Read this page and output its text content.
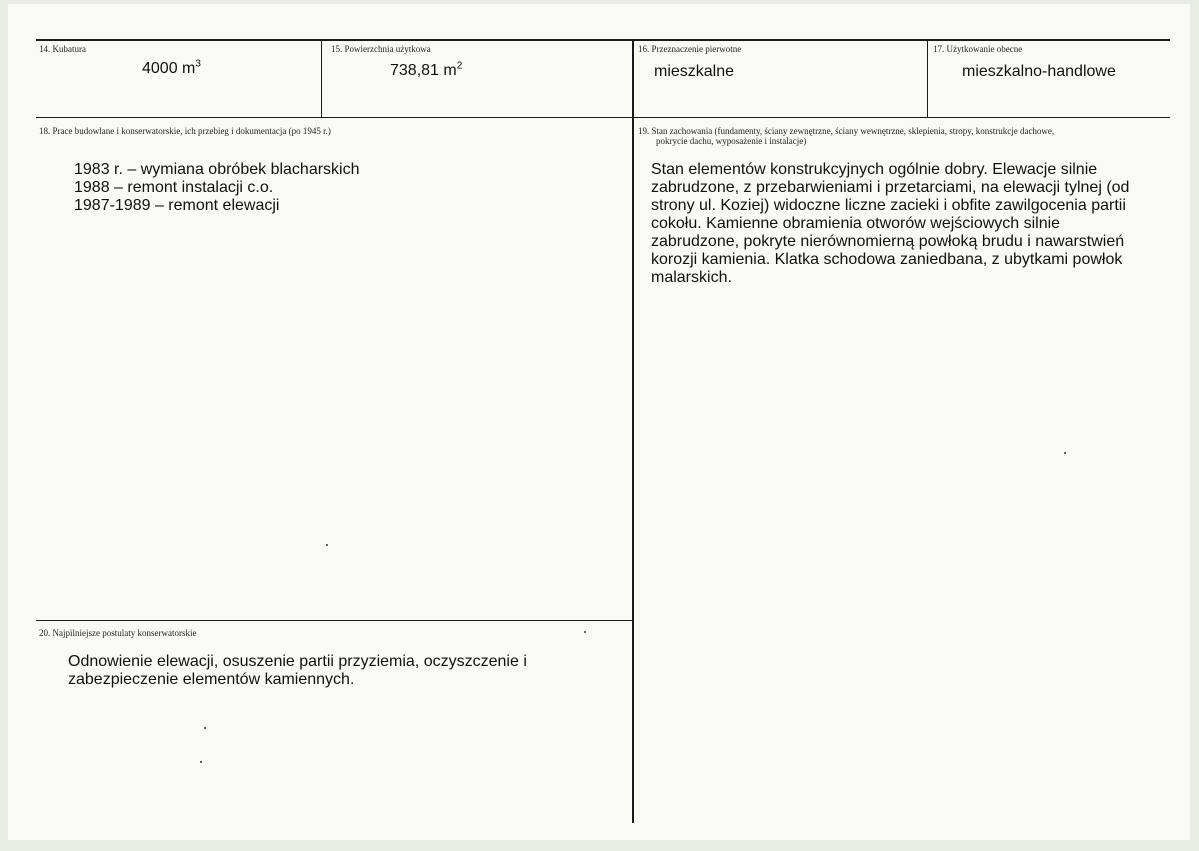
14. Kubatura
4000 $m^3$
15. Powierzchnia użytkowa
738,81 $m^2$
16. Przeznaczenie pierwotne
mieszkalne
17. Użytkowanie obecne
mieszkalno-handlowe
18. Prace budowlane i konserwatorskie, ich przebieg i dokumentacja (po 1945 r.)
1983 r. – wymiana obróbek blacharskich
1988 – remont instalacji c.o.
1987-1989 – remont elewacji
19. Stan zachowania (fundamenty, ściany zewnętrzne, ściany wewnętrzne, sklepienia, stropy, konstrukcje dachowe,
pokrycie dachu, wyposażenie i instalacje)
Stan elementów konstrukcyjnych ogólnie dobry. Elewacje silnie zabrudzone, z przebarwieniami i przetarciami, na elewacji tylnej (od strony ul. Koziej) widoczne liczne zacieki i obfite zawilgocenia partii cokołu. Kamienne obramienia otworów wejściowych silnie zabrudzone, pokryte nierównomierną powłoką brudu i nawarstwień korozji kamienia. Klatka schodowa zaniedbana, z ubytkami powłok malarskich.
20. Najpilniejsze postulaty konserwatorskie
Odnowienie elewacji, osuszenie partii przyziemia, oczyszczenie i zabezpieczenie elementów kamiennych.
